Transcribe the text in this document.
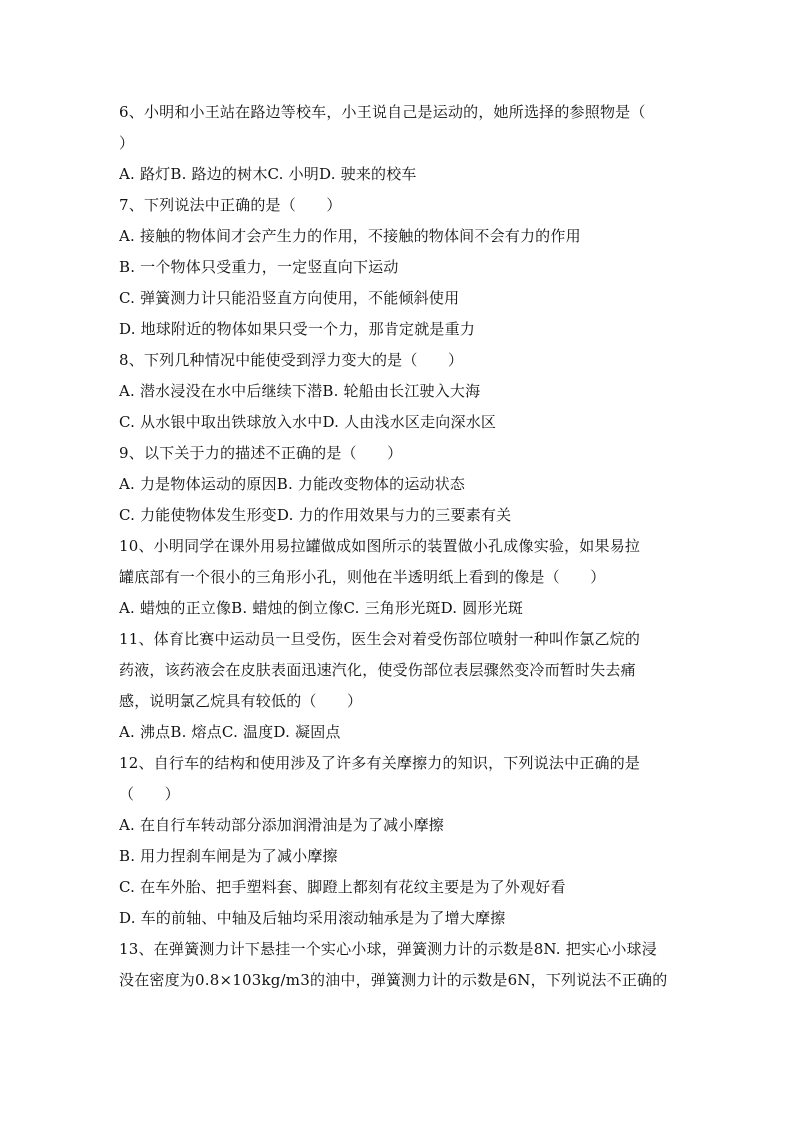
6、小明和小王站在路边等校车，小王说自己是运动的，她所选择的参照物是（
）
A. 路灯B. 路边的树木C. 小明D. 驶来的校车
7、下列说法中正确的是（　　）
A. 接触的物体间才会产生力的作用，不接触的物体间不会有力的作用
B. 一个物体只受重力，一定竖直向下运动
C. 弹簧测力计只能沿竖直方向使用，不能倾斜使用
D. 地球附近的物体如果只受一个力，那肯定就是重力
8、下列几种情况中能使受到浮力变大的是（　　）
A. 潜水浸没在水中后继续下潜B. 轮船由长江驶入大海
C. 从水银中取出铁球放入水中D. 人由浅水区走向深水区
9、以下关于力的描述不正确的是（　　）
A. 力是物体运动的原因B. 力能改变物体的运动状态
C. 力能使物体发生形变D. 力的作用效果与力的三要素有关
10、小明同学在课外用易拉罐做成如图所示的装置做小孔成像实验，如果易拉
罐底部有一个很小的三角形小孔，则他在半透明纸上看到的像是（　　）
A. 蜡烛的正立像B. 蜡烛的倒立像C. 三角形光斑D. 圆形光斑
11、体育比赛中运动员一旦受伤，医生会对着受伤部位喷射一种叫作氯乙烷的
药液，该药液会在皮肤表面迅速汽化，使受伤部位表层骤然变冷而暂时失去痛
感，说明氯乙烷具有较低的（　　）
A. 沸点B. 熔点C. 温度D. 凝固点
12、自行车的结构和使用涉及了许多有关摩擦力的知识，下列说法中正确的是
（　　）
A. 在自行车转动部分添加润滑油是为了减小摩擦
B. 用力捏刹车闸是为了减小摩擦
C. 在车外胎、把手塑料套、脚蹬上都刻有花纹主要是为了外观好看
D. 车的前轴、中轴及后轴均采用滚动轴承是为了增大摩擦
13、在弹簧测力计下悬挂一个实心小球，弹簧测力计的示数是8N. 把实心小球浸
没在密度为0.8×103kg/m3的油中，弹簧测力计的示数是6N，下列说法不正确的
